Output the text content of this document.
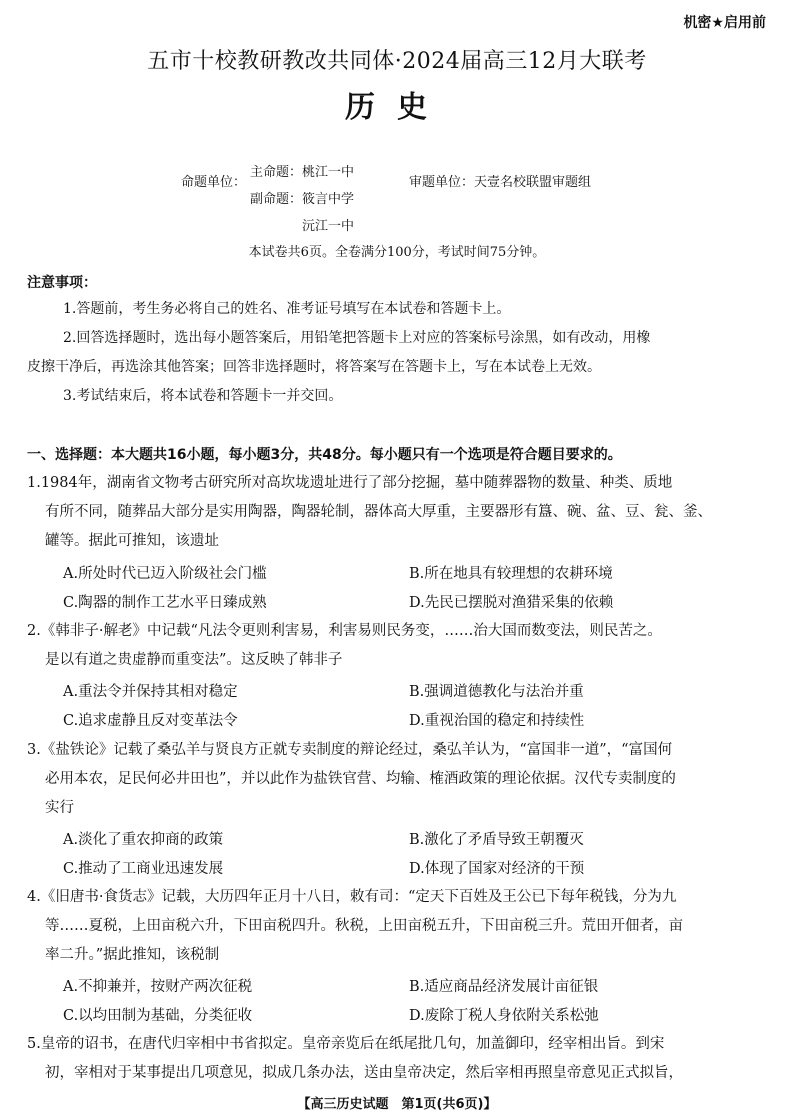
机密★启用前
五市十校教研教改共同体·2024届高三12月大联考
历史
命题单位：
主命题：桃江一中
副命题：筱言中学
沅江一中
审题单位：天壹名校联盟审题组
本试卷共6页。全卷满分100分，考试时间75分钟。
注意事项：
1.答题前，考生务必将自己的姓名、准考证号填写在本试卷和答题卡上。
2.回答选择题时，选出每小题答案后，用铅笔把答题卡上对应的答案标号涂黑，如有改动，用橡
皮擦干净后，再选涂其他答案；回答非选择题时，将答案写在答题卡上，写在本试卷上无效。
3.考试结束后，将本试卷和答题卡一并交回。
一、选择题：本大题共16小题，每小题3分，共48分。每小题只有一个选项是符合题目要求的。
1.1984年，湖南省文物考古研究所对高坎垅遗址进行了部分挖掘，墓中随葬器物的数量、种类、质地
有所不同，随葬品大部分是实用陶器，陶器轮制，器体高大厚重，主要器形有簋、碗、盆、豆、瓮、釜、
罐等。据此可推知，该遗址
A.所处时代已迈入阶级社会门槛	B.所在地具有较理想的农耕环境
C.陶器的制作工艺水平日臻成熟	D.先民已摆脱对渔猎采集的依赖
2.《韩非子·解老》中记载“凡法令更则利害易，利害易则民务变，……治大国而数变法，则民苦之。
是以有道之贵虚静而重变法”。这反映了韩非子
A.重法令并保持其相对稳定	B.强调道德教化与法治并重
C.追求虚静且反对变革法令	D.重视治国的稳定和持续性
3.《盐铁论》记载了桑弘羊与贤良方正就专卖制度的辩论经过，桑弘羊认为，“富国非一道”，“富国何
必用本农，足民何必井田也”，并以此作为盐铁官营、均输、榷酒政策的理论依据。汉代专卖制度的
实行
A.淡化了重农抑商的政策	B.激化了矛盾导致王朝覆灭
C.推动了工商业迅速发展	D.体现了国家对经济的干预
4.《旧唐书·食货志》记载，大历四年正月十八日，敕有司：“定天下百姓及王公已下每年税钱，分为九
等……夏税，上田亩税六升，下田亩税四升。秋税，上田亩税五升，下田亩税三升。荒田开佃者，亩
率二升。”据此推知，该税制
A.不抑兼并，按财产两次征税	B.适应商品经济发展计亩征银
C.以均田制为基础，分类征收	D.废除丁税人身依附关系松弛
5.皇帝的诏书，在唐代归宰相中书省拟定。皇帝亲览后在纸尾批几句，加盖御印，经宰相出旨。到宋
初，宰相对于某事提出几项意见，拟成几条办法，送由皇帝决定，然后宰相再照皇帝意见正式拟旨，
【高三历史试题　第1页(共6页)】
